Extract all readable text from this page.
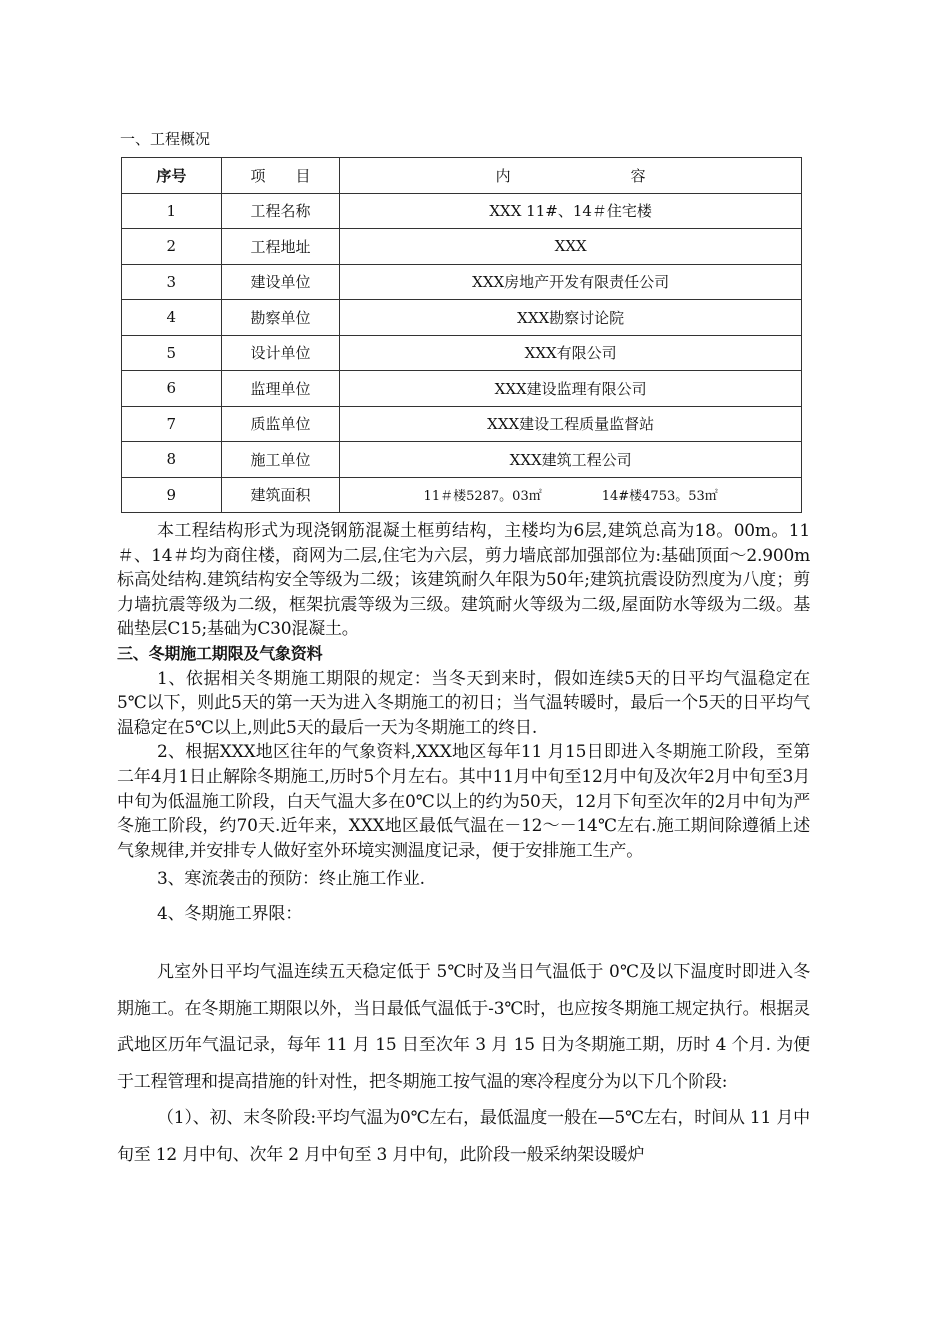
一、工程概况
序号	项　　目	内　　　　　　　　容
1	工程名称	XXX 11#、14＃住宅楼
2	工程地址	XXX
3	建设单位	XXX房地产开发有限责任公司
4	勘察单位	XXX勘察讨论院
5	设计单位	XXX有限公司
6	监理单位	XXX建设监理有限公司
7	质监单位	XXX建设工程质量监督站
8	施工单位	XXX建筑工程公司
9	建筑面积	11＃楼5287。03㎡ 14#楼4753。53㎡

本工程结构形式为现浇钢筋混凝土框剪结构，主楼均为6层,建筑总高为18。00m。11＃、14＃均为商住楼，商网为二层,住宅为六层，剪力墙底部加强部位为:基础顶面～2.900m标高处结构.建筑结构安全等级为二级；该建筑耐久年限为50年;建筑抗震设防烈度为八度；剪力墙抗震等级为二级，框架抗震等级为三级。建筑耐火等级为二级,屋面防水等级为二级。基础垫层C15;基础为C30混凝土。

三、冬期施工期限及气象资料

1、依据相关冬期施工期限的规定：当冬天到来时，假如连续5天的日平均气温稳定在5℃以下，则此5天的第一天为进入冬期施工的初日；当气温转暖时，最后一个5天的日平均气温稳定在5℃以上,则此5天的最后一天为冬期施工的终日.

2、根据XXX地区往年的气象资料,XXX地区每年11 月15日即进入冬期施工阶段，至第二年4月1日止解除冬期施工,历时5个月左右。其中11月中旬至12月中旬及次年2月中旬至3月中旬为低温施工阶段，白天气温大多在0℃以上的约为50天，12月下旬至次年的2月中旬为严冬施工阶段，约70天.近年来，XXX地区最低气温在－12～－14℃左右.施工期间除遵循上述气象规律,并安排专人做好室外环境实测温度记录，便于安排施工生产。

3、寒流袭击的预防：终止施工作业.

4、冬期施工界限：

凡室外日平均气温连续五天稳定低于 5℃时及当日气温低于 0℃及以下温度时即进入冬期施工。在冬期施工期限以外，当日最低气温低于-3℃时，也应按冬期施工规定执行。根据灵武地区历年气温记录，每年 11 月 15 日至次年 3 月 15 日为冬期施工期，历时 4 个月. 为便于工程管理和提高措施的针对性，把冬期施工按气温的寒冷程度分为以下几个阶段:

（1）、初、末冬阶段:平均气温为0℃左右，最低温度一般在—5℃左右，时间从 11 月中旬至 12 月中旬、次年 2 月中旬至 3 月中旬，此阶段一般采纳架设暖炉
